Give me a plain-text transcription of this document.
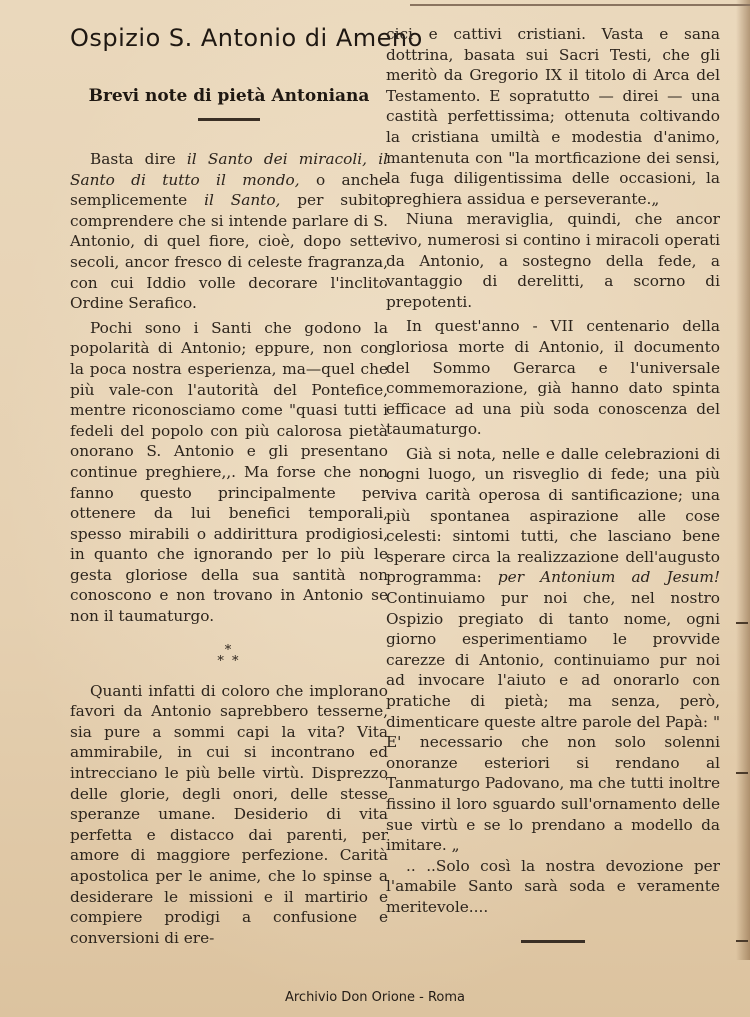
Ospizio S. Antonio di Ameno
Brevi note di pietà Antoniana

Basta dire il Santo dei miracoli, il Santo di tutto il mondo, o anche semplicemente il Santo, per subito comprendere che si intende parlare di S. Antonio, di quel fiore, cioè, dopo sette secoli, ancor fresco di celeste fragranza, con cui Iddio volle decorare l'inclito Ordine Serafico.

Pochi sono i Santi che godono la popolarità di Antonio; eppure, non con la poca nostra esperienza, ma—quel che più vale-con l'autorità del Pontefice, mentre riconosciamo come "quasi tutti i fedeli del popolo con più calorosa pietà onorano S. Antonio e gli presentano continue preghiere,,. Ma forse che non fanno questo principalmente per ottenere da lui benefici temporali, spesso mirabili o addirittura prodigiosi, in quanto che ignorando per lo più le gesta gloriose della sua santità non conoscono e non trovano in Antonio se non il taumaturgo.

*
* *

Quanti infatti di coloro che implorano favori da Antonio saprebbero tesserne, sia pure a sommi capi la vita? Vita ammirabile, in cui si incontrano ed intrecciano le più belle virtù. Disprezzo delle glorie, degli onori, delle stesse speranze umane. Desiderio di vita perfetta e distacco dai parenti, per amore di maggiore perfezione. Carità apostolica per le anime, che lo spinse a desiderare le missioni e il martirio e compiere prodigi a confusione e conversioni di ere-

cici e cattivi cristiani. Vasta e sana dottrina, basata sui Sacri Testi, che gli meritò da Gregorio IX il titolo di Arca del Testamento. E sopratutto — direi — una castità perfettissima; ottenuta coltivando la cristiana umiltà e modestia d'animo, mantenuta con "la mortficazione dei sensi, la fuga diligentissima delle occasioni, la preghiera assidua e perseverante.„

Niuna meraviglia, quindi, che ancor vivo, numerosi si contino i miracoli operati da Antonio, a sostegno della fede, a vantaggio di derelitti, a scorno di prepotenti.

In quest'anno - VII centenario della gloriosa morte di Antonio, il documento del Sommo Gerarca e l'universale commemorazione, già hanno dato spinta efficace ad una più soda conoscenza del taumaturgo.

Già si nota, nelle e dalle celebrazioni di ogni luogo, un risveglio di fede; una più viva carità operosa di santificazione; una più spontanea aspirazione alle cose celesti: sintomi tutti, che lasciano bene sperare circa la realizzazione dell'augusto programma: per Antonium ad Jesum! Continuiamo pur noi che, nel nostro Ospizio pregiato di tanto nome, ogni giorno esperimentiamo le provvide carezze di Antonio, continuiamo pur noi ad invocare l'aiuto e ad onorarlo con pratiche di pietà; ma senza, però, dimenticare queste altre parole del Papà: " E' necessario che non solo solenni onoranze esteriori si rendano al Tanmaturgo Padovano, ma che tutti inoltre fissino il loro sguardo sull'ornamento delle sue virtù e se lo prendano a modello da imitare. „

.. ..Solo così la nostra devozione per l'amabile Santo sarà soda e veramente meritevole....

Archivio Don Orione - Roma
